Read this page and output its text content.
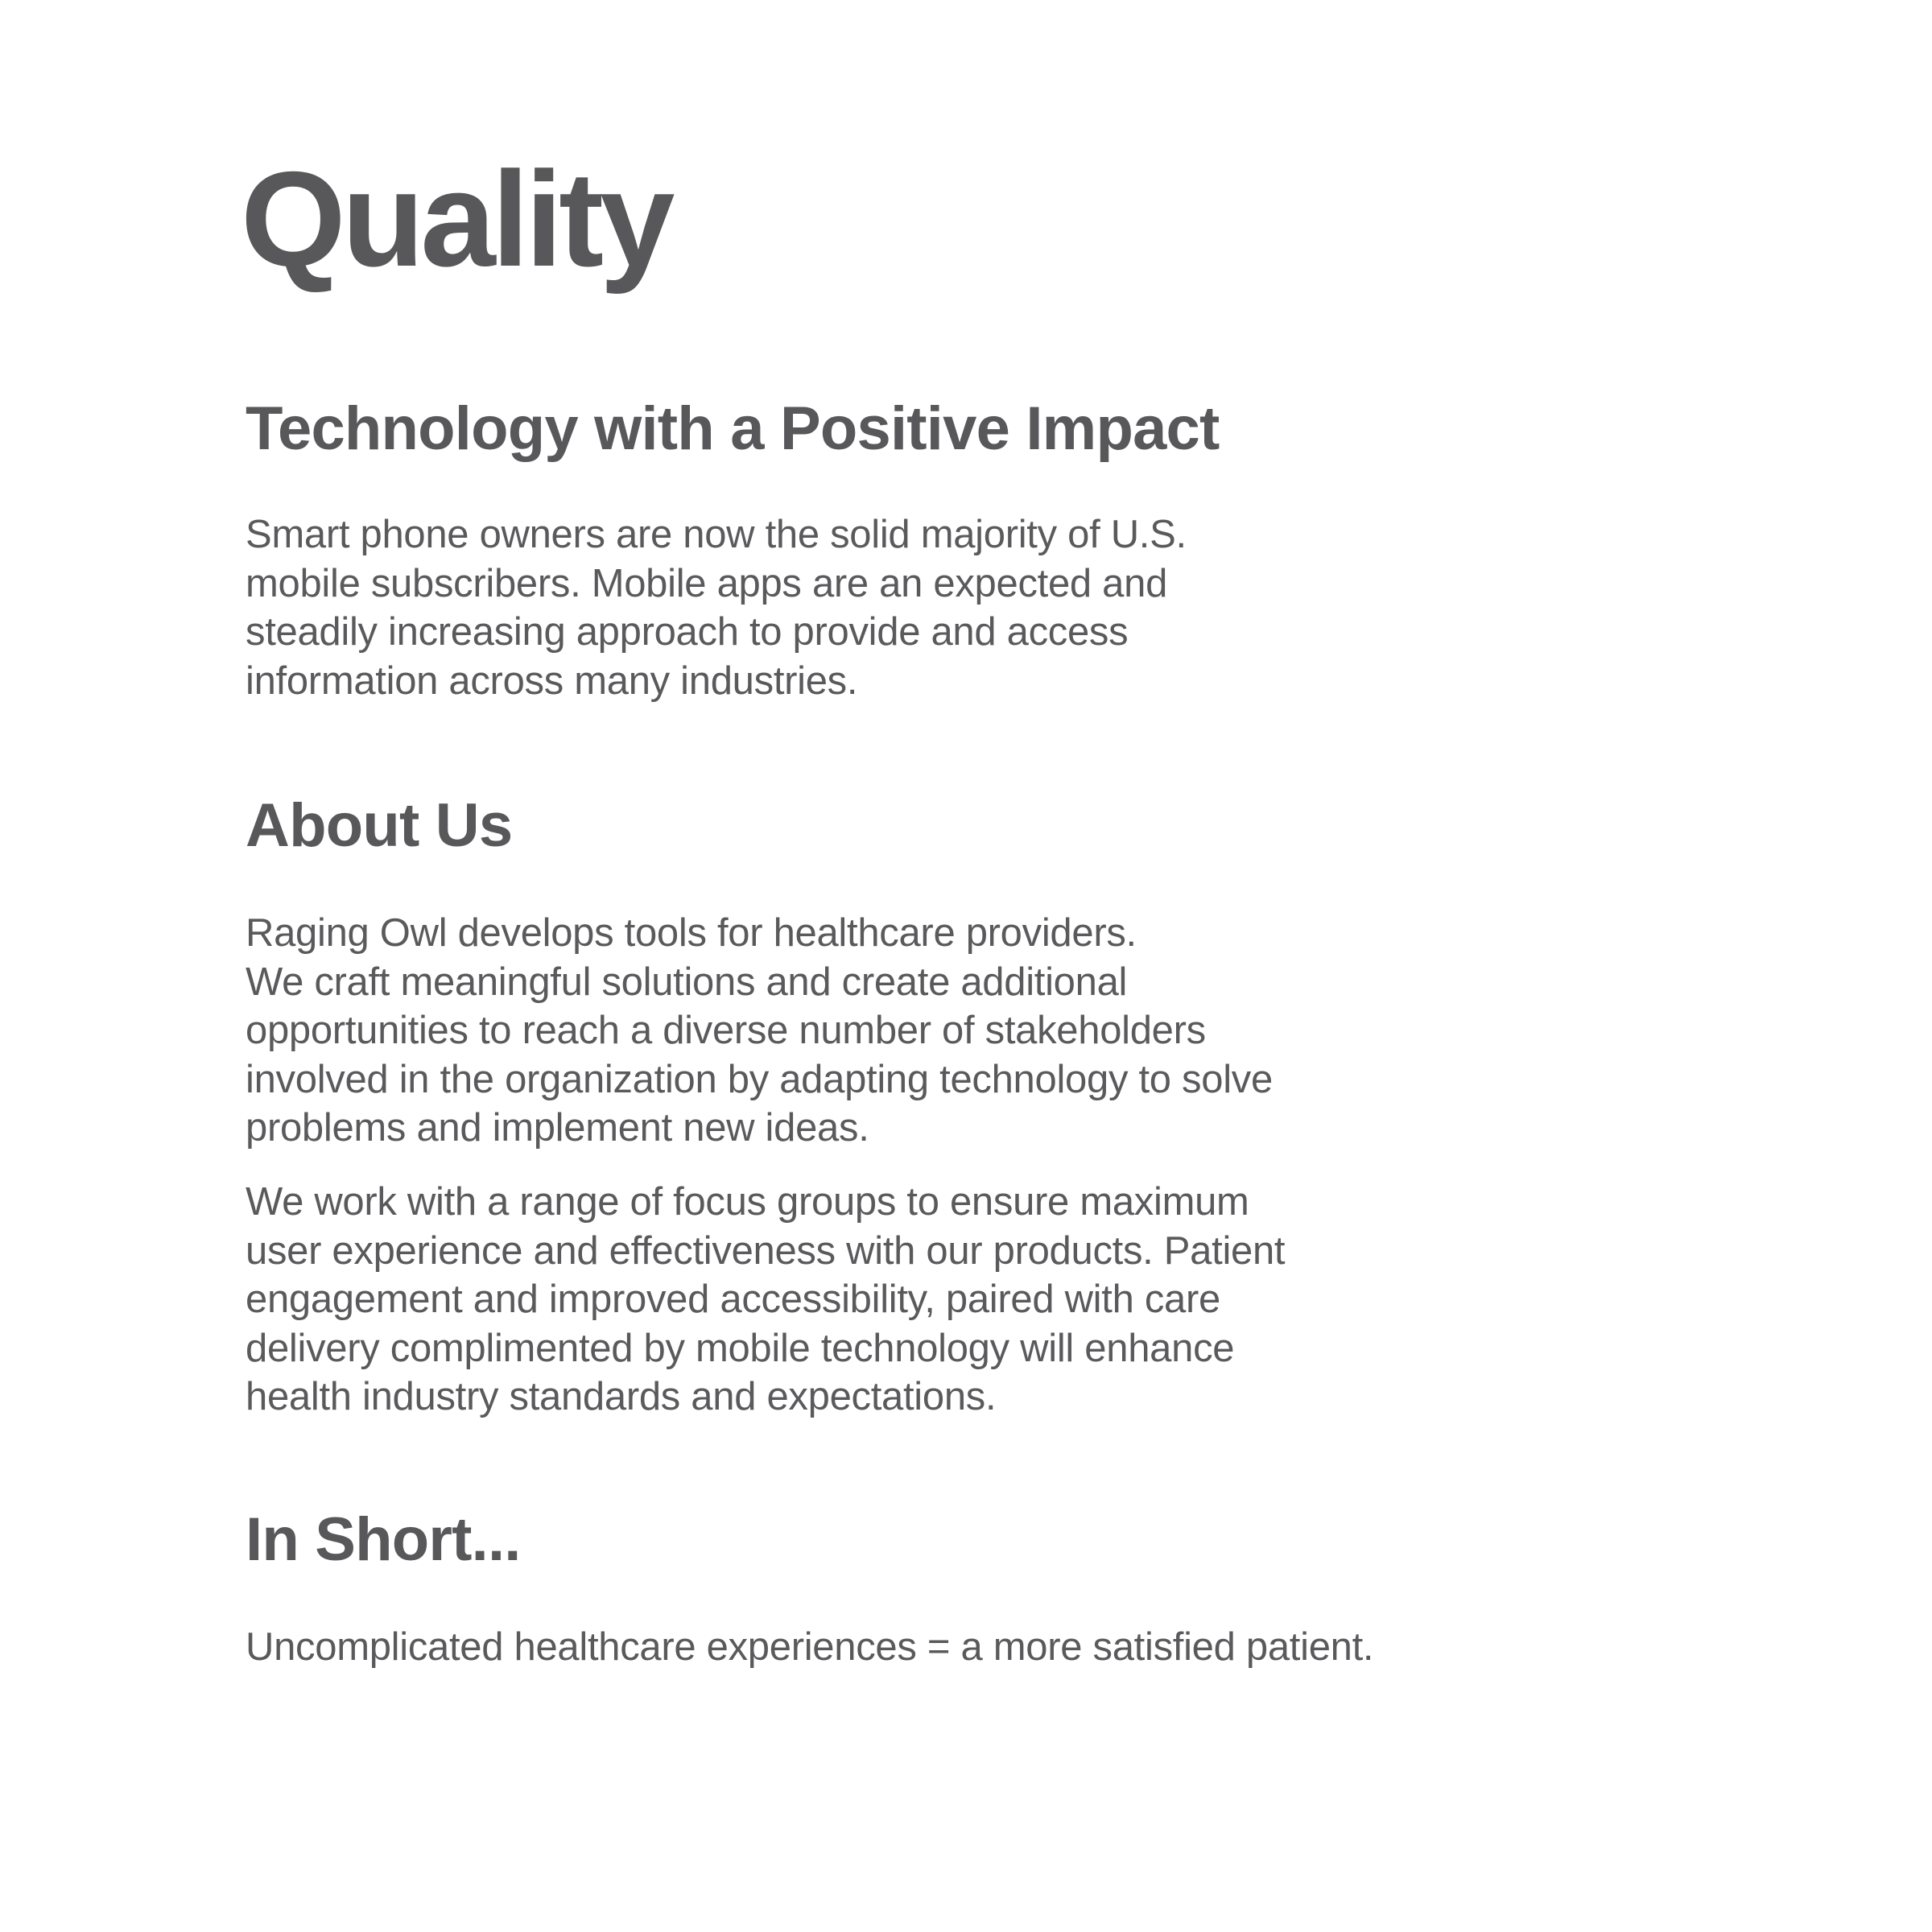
Quality
Technology with a Positive Impact

Smart phone owners are now the solid majority of U.S.
mobile subscribers. Mobile apps are an expected and
steadily increasing approach to provide and access
information across many industries.

About Us

Raging Owl develops tools for healthcare providers.
We craft meaningful solutions and create additional
opportunities to reach a diverse number of stakeholders
involved in the organization by adapting technology to solve
problems and implement new ideas.

We work with a range of focus groups to ensure maximum
user experience and effectiveness with our products. Patient
engagement and improved accessibility, paired with care
delivery complimented by mobile technology will enhance
health industry standards and expectations.

In Short...

Uncomplicated healthcare experiences = a more satisfied patient.
